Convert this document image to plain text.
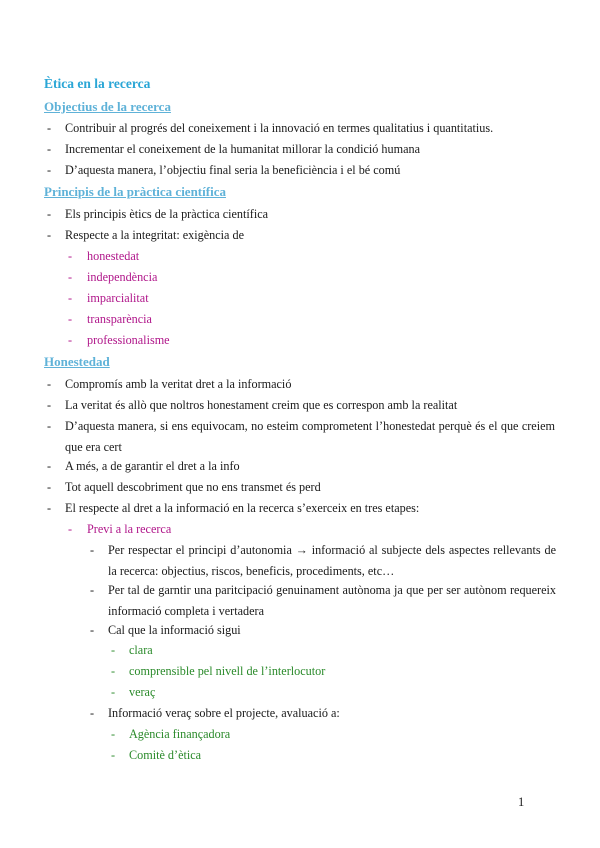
Ètica en la recerca
Objectius de la recerca
- Contribuir al progrés del coneixement i la innovació en termes qualitatius i quantitatius.
- Incrementar el coneixement de la humanitat millorar la condició humana
- D’aquesta manera, l’objectiu final seria la beneficiència i el bé comú
Principis de la pràctica científica
- Els principis ètics de la pràctica científica
- Respecte a la integritat: exigència de
- honestedat
- independència
- imparcialitat
- transparència
- professionalisme
Honestedad
- Compromís amb la veritat dret a la informació
- La veritat és allò que noltros honestament creim que es correspon amb la realitat
- D’aquesta manera, si ens equivocam, no esteim comprometent l’honestedat perquè és el que creiem que era cert
- A més, a de garantir el dret a la info
- Tot aquell descobriment que no ens transmet és perd
- El respecte al dret a la informació en la recerca s’exerceix en tres etapes:
- Previ a la recerca
- Per respectar el principi d’autonomia → informació al subjecte dels aspectes rellevants de la recerca: objectius, riscos, beneficis, procediments, etc…
- Per tal de garntir una paritcipació genuinament autònoma ja que per ser autònom requereix informació completa i vertadera
- Cal que la informació sigui
- clara
- comprensible pel nivell de l’interlocutor
- veraç
- Informació veraç sobre el projecte, avaluació a:
- Agència finançadora
- Comitè d’ètica
1
